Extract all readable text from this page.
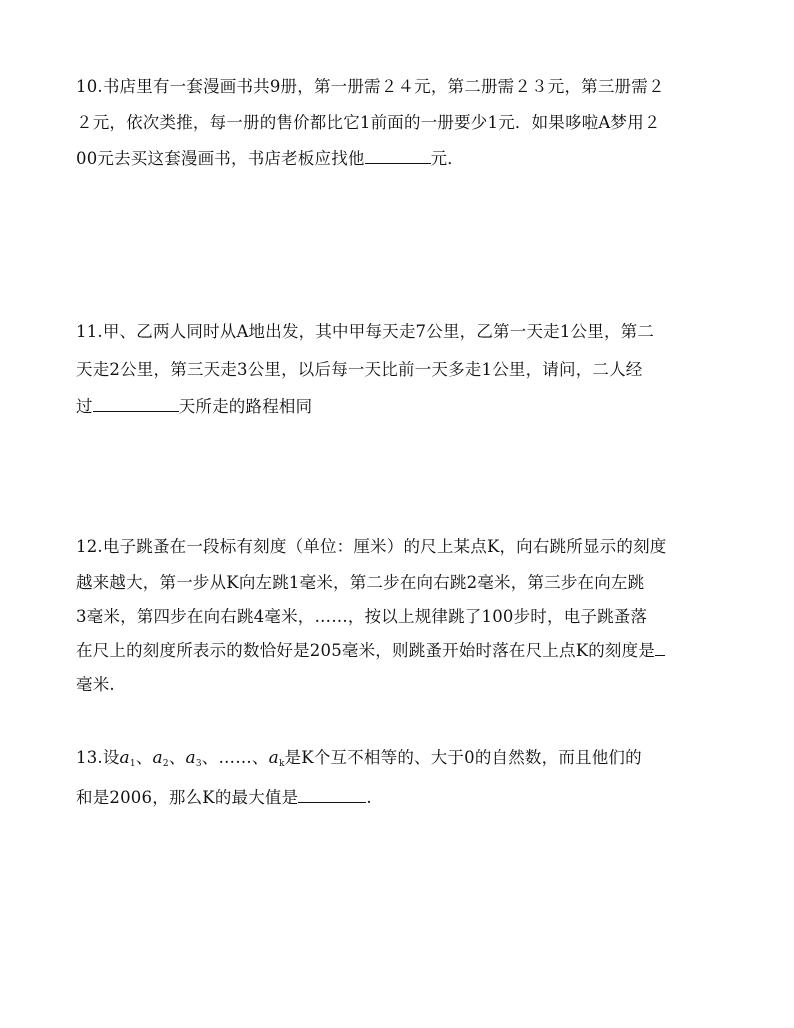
10.书店里有一套漫画书共9册，第一册需２４元，第二册需２３元，第三册需２
２元，依次类推，每一册的售价都比它1前面的一册要少1元．如果哆啦A梦用２
00元去买这套漫画书，书店老板应找他	元．
11.甲、乙两人同时从A地出发，其中甲每天走7公里，乙第一天走1公里，第二
天走2公里，第三天走3公里，以后每一天比前一天多走1公里，请问，二人经
过	天所走的路程相同
12.电子跳蚤在一段标有刻度（单位：厘米）的尺上某点K，向右跳所显示的刻度
越来越大，第一步从K向左跳1毫米，第二步在向右跳2毫米，第三步在向左跳
3毫米，第四步在向右跳4毫米，……，按以上规律跳了100步时，电子跳蚤落
在尺上的刻度所表示的数恰好是205毫米，则跳蚤开始时落在尺上点K的刻度是
毫米.
13.设$a_1$、$a_2$、$a_3$、……、$a_k$是K个互不相等的、大于0的自然数，而且他们的
和是2006，那么K的最大值是	.
